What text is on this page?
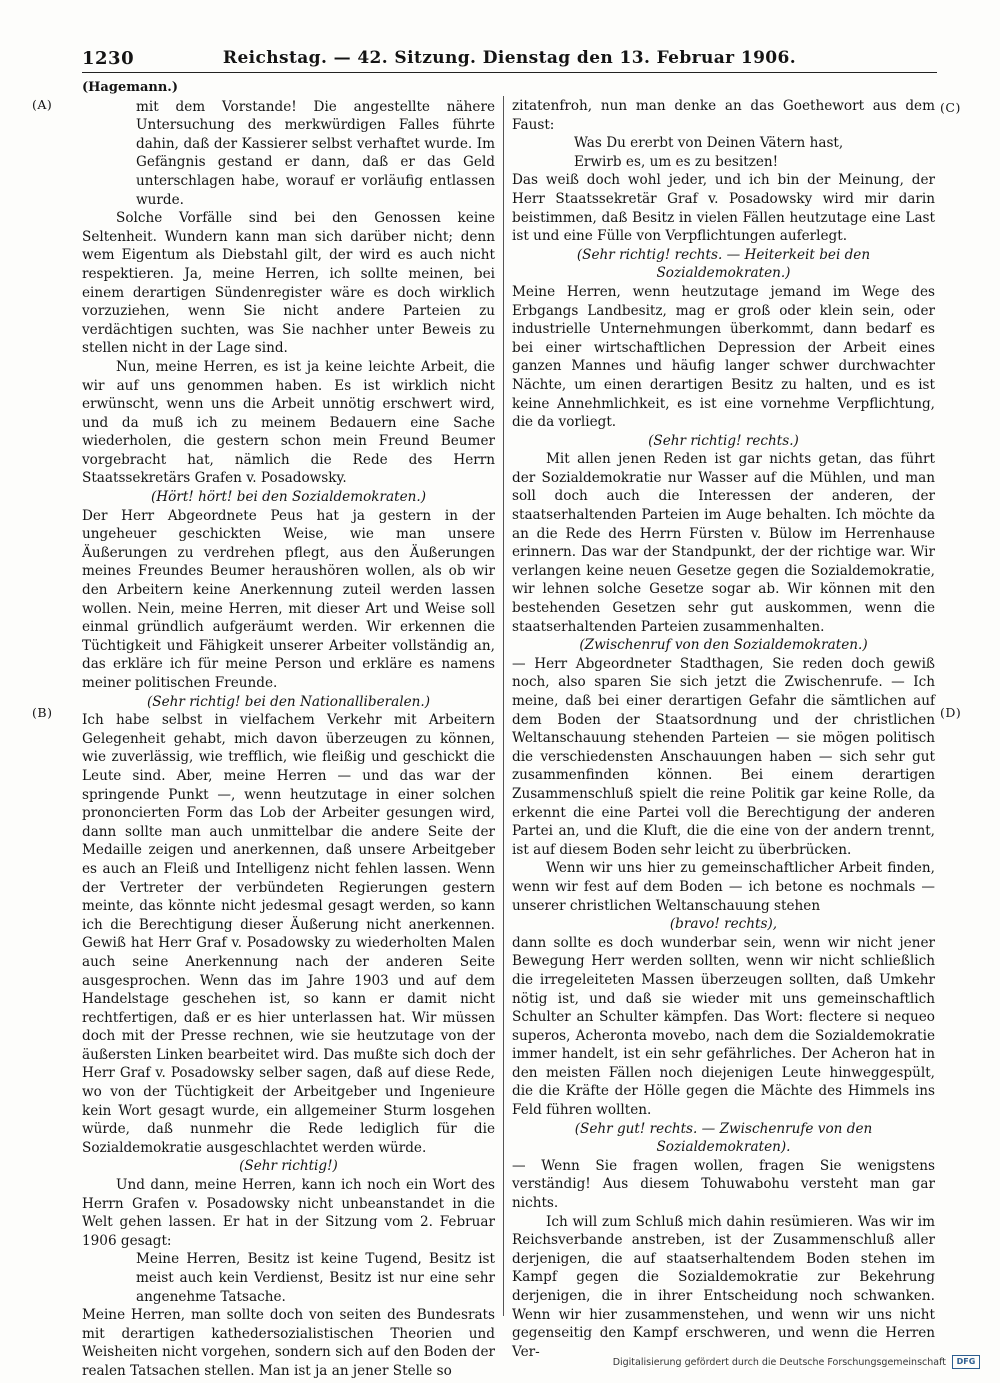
1230	Reichstag. — 42. Sitzung. Dienstag den 13. Februar 1906.
(A)
(B)
(C)
(D)

(Hagemann.)

mit dem Vorstande! Die angestellte nähere Untersuchung des merkwürdigen Falles führte dahin, daß der Kassierer selbst verhaftet wurde. Im Gefängnis gestand er dann, daß er das Geld unterschlagen habe, worauf er vorläufig entlassen wurde.

Solche Vorfälle sind bei den Genossen keine Seltenheit. Wundern kann man sich darüber nicht; denn wem Eigentum als Diebstahl gilt, der wird es auch nicht respektieren. Ja, meine Herren, ich sollte meinen, bei einem derartigen Sündenregister wäre es doch wirklich vorzuziehen, wenn Sie nicht andere Parteien zu verdächtigen suchten, was Sie nachher unter Beweis zu stellen nicht in der Lage sind.

Nun, meine Herren, es ist ja keine leichte Arbeit, die wir auf uns genommen haben. Es ist wirklich nicht erwünscht, wenn uns die Arbeit unnötig erschwert wird, und da muß ich zu meinem Bedauern eine Sache wiederholen, die gestern schon mein Freund Beumer vorgebracht hat, nämlich die Rede des Herrn Staatssekretärs Grafen v. Posadowsky.

(Hört! hört! bei den Sozialdemokraten.)

Der Herr Abgeordnete Peus hat ja gestern in der ungeheuer geschickten Weise, wie man unsere Äußerungen zu verdrehen pflegt, aus den Äußerungen meines Freundes Beumer heraushören wollen, als ob wir den Arbeitern keine Anerkennung zuteil werden lassen wollen. Nein, meine Herren, mit dieser Art und Weise soll einmal gründlich aufgeräumt werden. Wir erkennen die Tüchtigkeit und Fähigkeit unserer Arbeiter vollständig an, das erkläre ich für meine Person und erkläre es namens meiner politischen Freunde.

(Sehr richtig! bei den Nationalliberalen.)

Ich habe selbst in vielfachem Verkehr mit Arbeitern Gelegenheit gehabt, mich davon überzeugen zu können, wie zuverlässig, wie trefflich, wie fleißig und geschickt die Leute sind. Aber, meine Herren — und das war der springende Punkt —, wenn heutzutage in einer solchen prononcierten Form das Lob der Arbeiter gesungen wird, dann sollte man auch unmittelbar die andere Seite der Medaille zeigen und anerkennen, daß unsere Arbeitgeber es auch an Fleiß und Intelligenz nicht fehlen lassen. Wenn der Vertreter der verbündeten Regierungen gestern meinte, das könnte nicht jedesmal gesagt werden, so kann ich die Berechtigung dieser Äußerung nicht anerkennen. Gewiß hat Herr Graf v. Posadowsky zu wiederholten Malen auch seine Anerkennung nach der anderen Seite ausgesprochen. Wenn das im Jahre 1903 und auf dem Handelstage geschehen ist, so kann er damit nicht rechtfertigen, daß er es hier unterlassen hat. Wir müssen doch mit der Presse rechnen, wie sie heutzutage von der äußersten Linken bearbeitet wird. Das mußte sich doch der Herr Graf v. Posadowsky selber sagen, daß auf diese Rede, wo von der Tüchtigkeit der Arbeitgeber und Ingenieure kein Wort gesagt wurde, ein allgemeiner Sturm losgehen würde, daß nunmehr die Rede lediglich für die Sozialdemokratie ausgeschlachtet werden würde.

(Sehr richtig!)

Und dann, meine Herren, kann ich noch ein Wort des Herrn Grafen v. Posadowsky nicht unbeanstandet in die Welt gehen lassen. Er hat in der Sitzung vom 2. Februar 1906 gesagt:

Meine Herren, Besitz ist keine Tugend, Besitz ist meist auch kein Verdienst, Besitz ist nur eine sehr angenehme Tatsache.

Meine Herren, man sollte doch von seiten des Bundesrats mit derartigen kathedersozialistischen Theorien und Weisheiten nicht vorgehen, sondern sich auf den Boden der realen Tatsachen stellen. Man ist ja an jener Stelle so

zitatenfroh, nun man denke an das Goethewort aus dem Faust:

Was Du ererbt von Deinen Vätern hast,

Erwirb es, um es zu besitzen!

Das weiß doch wohl jeder, und ich bin der Meinung, der Herr Staatssekretär Graf v. Posadowsky wird mir darin beistimmen, daß Besitz in vielen Fällen heutzutage eine Last ist und eine Fülle von Verpflichtungen auferlegt.

(Sehr richtig! rechts. — Heiterkeit bei den Sozialdemokraten.)

Meine Herren, wenn heutzutage jemand im Wege des Erbgangs Landbesitz, mag er groß oder klein sein, oder industrielle Unternehmungen überkommt, dann bedarf es bei einer wirtschaftlichen Depression der Arbeit eines ganzen Mannes und häufig langer schwer durchwachter Nächte, um einen derartigen Besitz zu halten, und es ist keine Annehmlichkeit, es ist eine vornehme Verpflichtung, die da vorliegt.

(Sehr richtig! rechts.)

Mit allen jenen Reden ist gar nichts getan, das führt der Sozialdemokratie nur Wasser auf die Mühlen, und man soll doch auch die Interessen der anderen, der staatserhaltenden Parteien im Auge behalten. Ich möchte da an die Rede des Herrn Fürsten v. Bülow im Herrenhause erinnern. Das war der Standpunkt, der der richtige war. Wir verlangen keine neuen Gesetze gegen die Sozialdemokratie, wir lehnen solche Gesetze sogar ab. Wir können mit den bestehenden Gesetzen sehr gut auskommen, wenn die staatserhaltenden Parteien zusammenhalten.

(Zwischenruf von den Sozialdemokraten.)

— Herr Abgeordneter Stadthagen, Sie reden doch gewiß noch, also sparen Sie sich jetzt die Zwischenrufe. — Ich meine, daß bei einer derartigen Gefahr die sämtlichen auf dem Boden der Staatsordnung und der christlichen Weltanschauung stehenden Parteien — sie mögen politisch die verschiedensten Anschauungen haben — sich sehr gut zusammenfinden können. Bei einem derartigen Zusammenschluß spielt die reine Politik gar keine Rolle, da erkennt die eine Partei voll die Berechtigung der anderen Partei an, und die Kluft, die die eine von der andern trennt, ist auf diesem Boden sehr leicht zu überbrücken.

Wenn wir uns hier zu gemeinschaftlicher Arbeit finden, wenn wir fest auf dem Boden — ich betone es nochmals — unserer christlichen Weltanschauung stehen

(bravo! rechts),

dann sollte es doch wunderbar sein, wenn wir nicht jener Bewegung Herr werden sollten, wenn wir nicht schließlich die irregeleiteten Massen überzeugen sollten, daß Umkehr nötig ist, und daß sie wieder mit uns gemeinschaftlich Schulter an Schulter kämpfen. Das Wort: flectere si nequeo superos, Acheronta movebo, nach dem die Sozialdemokratie immer handelt, ist ein sehr gefährliches. Der Acheron hat in den meisten Fällen noch diejenigen Leute hinweggespült, die die Kräfte der Hölle gegen die Mächte des Himmels ins Feld führen wollten.

(Sehr gut! rechts. — Zwischenrufe von den Sozialdemokraten).

— Wenn Sie fragen wollen, fragen Sie wenigstens verständig! Aus diesem Tohuwabohu versteht man gar nichts.

Ich will zum Schluß mich dahin resümieren. Was wir im Reichsverbande anstreben, ist der Zusammenschluß aller derjenigen, die auf staatserhaltendem Boden stehen im Kampf gegen die Sozialdemokratie zur Bekehrung derjenigen, die in ihrer Entscheidung noch schwanken. Wenn wir hier zusammenstehen, und wenn wir uns nicht gegenseitig den Kampf erschweren, und wenn die Herren Ver-

Digitalisierung gefördert durch die Deutsche Forschungsgemeinschaft	DFG
